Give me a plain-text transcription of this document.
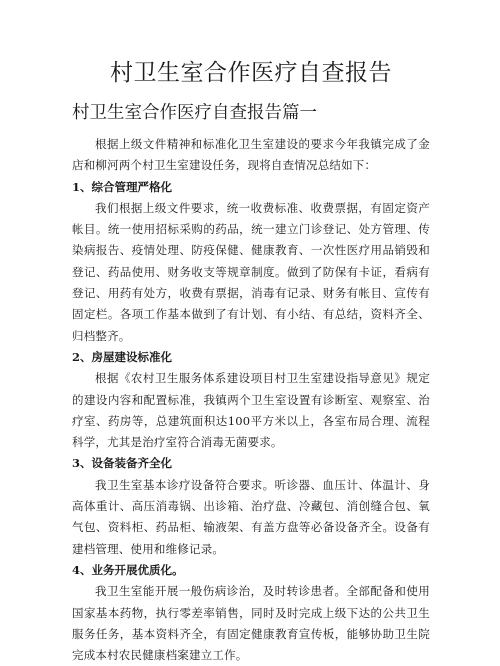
村卫生室合作医疗自查报告
村卫生室合作医疗自查报告篇一

根据上级文件精神和标准化卫生室建设的要求今年我镇完成了金店和柳河两个村卫生室建设任务，现将自查情况总结如下：

1、综合管理严格化

我们根据上级文件要求，统一收费标准、收费票据，有固定资产帐目。统一使用招标采购的药品，统一建立门诊登记、处方管理、传染病报告、疫情处理、防疫保健、健康教育、一次性医疗用品销毁和登记、药品使用、财务收支等规章制度。做到了防保有卡证，看病有登记、用药有处方，收费有票据，消毒有记录、财务有帐目、宣传有固定栏。各项工作基本做到了有计划、有小结、有总结，资料齐全、归档整齐。

2、房屋建设标准化

根据《农村卫生服务体系建设项目村卫生室建设指导意见》规定的建设内容和配置标准，我镇两个卫生室设置有诊断室、观察室、治疗室、药房等，总建筑面积达100平方米以上，各室布局合理、流程科学，尤其是治疗室符合消毒无菌要求。

3、设备装备齐全化

我卫生室基本诊疗设备符合要求。听诊器、血压计、体温计、身高体重计、高压消毒锅、出诊箱、治疗盘、冷藏包、消创缝合包、氧气包、资料柜、药品柜、输液架、有盖方盘等必备设备齐全。设备有建档管理、使用和维修记录。

4、业务开展优质化。

我卫生室能开展一般伤病诊治，及时转诊患者。全部配备和使用国家基本药物，执行零差率销售，同时及时完成上级下达的公共卫生服务任务，基本资料齐全，有固定健康教育宣传板，能够协助卫生院完成本村农民健康档案建立工作。
